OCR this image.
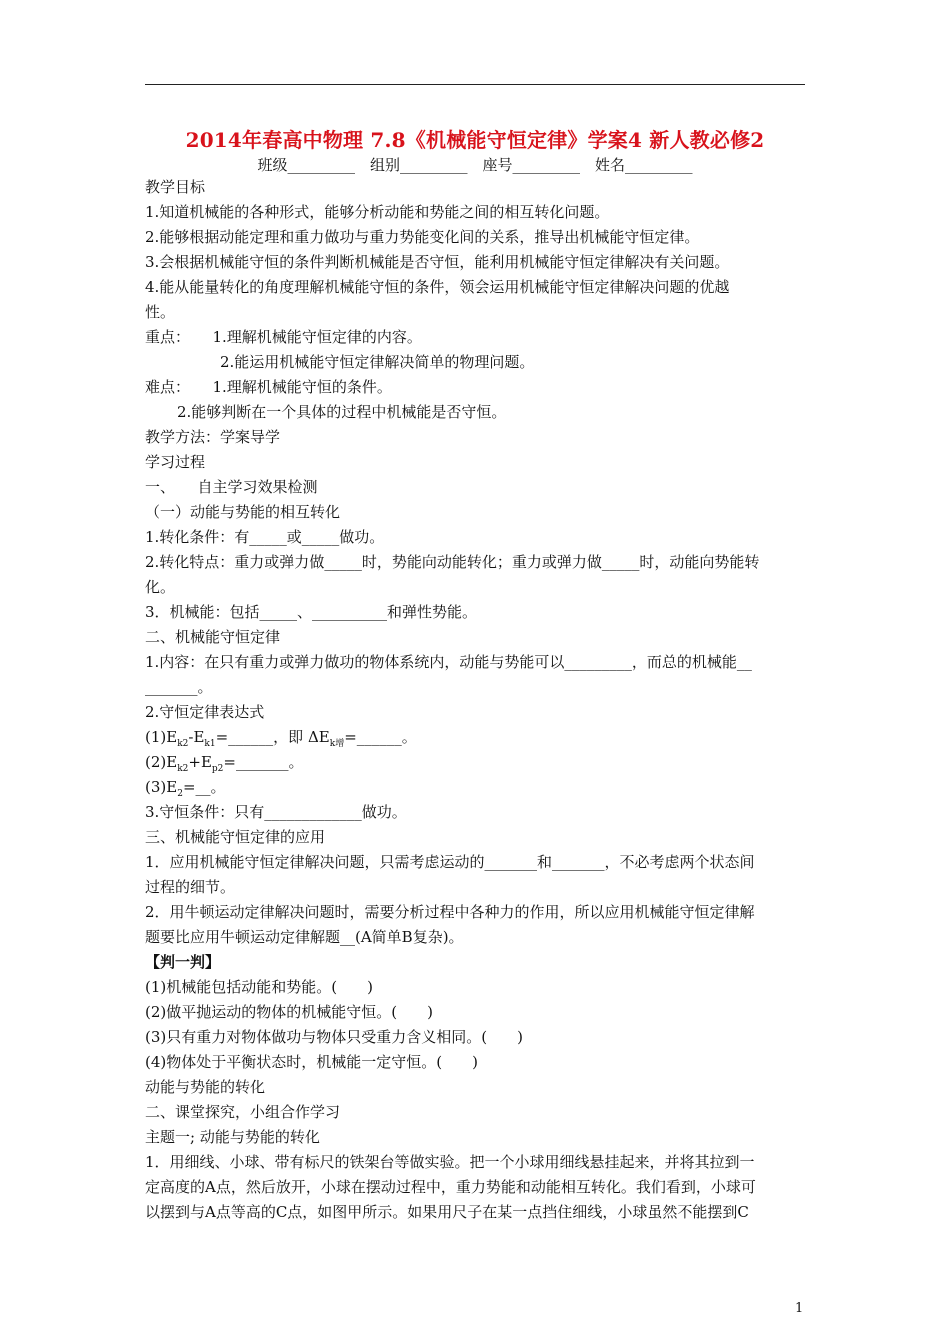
2014年春高中物理 7.8《机械能守恒定律》学案4 新人教必修2
班级_________　组别_________　座号_________　姓名_________
教学目标
1.知道机械能的各种形式，能够分析动能和势能之间的相互转化问题。
2.能够根据动能定理和重力做功与重力势能变化间的关系，推导出机械能守恒定律。
3.会根据机械能守恒的条件判断机械能是否守恒，能利用机械能守恒定律解决有关问题。
4.能从能量转化的角度理解机械能守恒的条件，领会运用机械能守恒定律解决问题的优越
性。
重点：　　1.理解机械能守恒定律的内容。
　　　　　2.能运用机械能守恒定律解决简单的物理问题。
难点：　　1.理解机械能守恒的条件。
2.能够判断在一个具体的过程中机械能是否守恒。
教学方法：学案导学
学习过程
一、　　自主学习效果检测
（一）动能与势能的相互转化
1.转化条件：有_____或_____做功。
2.转化特点：重力或弹力做_____时，势能向动能转化；重力或弹力做_____时，动能向势能转
化。
3．机械能：包括_____、__________和弹性势能。
二、机械能守恒定律
1.内容：在只有重力或弹力做功的物体系统内，动能与势能可以_________，而总的机械能__
_______。
2.守恒定律表达式
$(1)E_{k2}-E_{k1}=\_\_\_\_\_\_$，即 $\Delta E_{k增}=\_\_\_\_\_\_$。
$(2)E_{k2}+E_{p2}=\_\_\_\_\_\_\_$。
$(3)E_2=\_\_$。
3.守恒条件：只有_____________做功。
三、机械能守恒定律的应用
1．应用机械能守恒定律解决问题，只需考虑运动的_______和_______，不必考虑两个状态间
过程的细节。
2．用牛顿运动定律解决问题时，需要分析过程中各种力的作用，所以应用机械能守恒定律解
题要比应用牛顿运动定律解题__(A简单B复杂)。
【判一判】
(1)机械能包括动能和势能。(　　)
(2)做平抛运动的物体的机械能守恒。(　　)
(3)只有重力对物体做功与物体只受重力含义相同。(　　)
(4)物体处于平衡状态时，机械能一定守恒。(　　)
动能与势能的转化
二、课堂探究，小组合作学习
主题一; 动能与势能的转化
1．用细线、小球、带有标尺的铁架台等做实验。把一个小球用细线悬挂起来，并将其拉到一
定高度的A点，然后放开，小球在摆动过程中，重力势能和动能相互转化。我们看到，小球可
以摆到与A点等高的C点，如图甲所示。如果用尺子在某一点挡住细线，小球虽然不能摆到C
1
